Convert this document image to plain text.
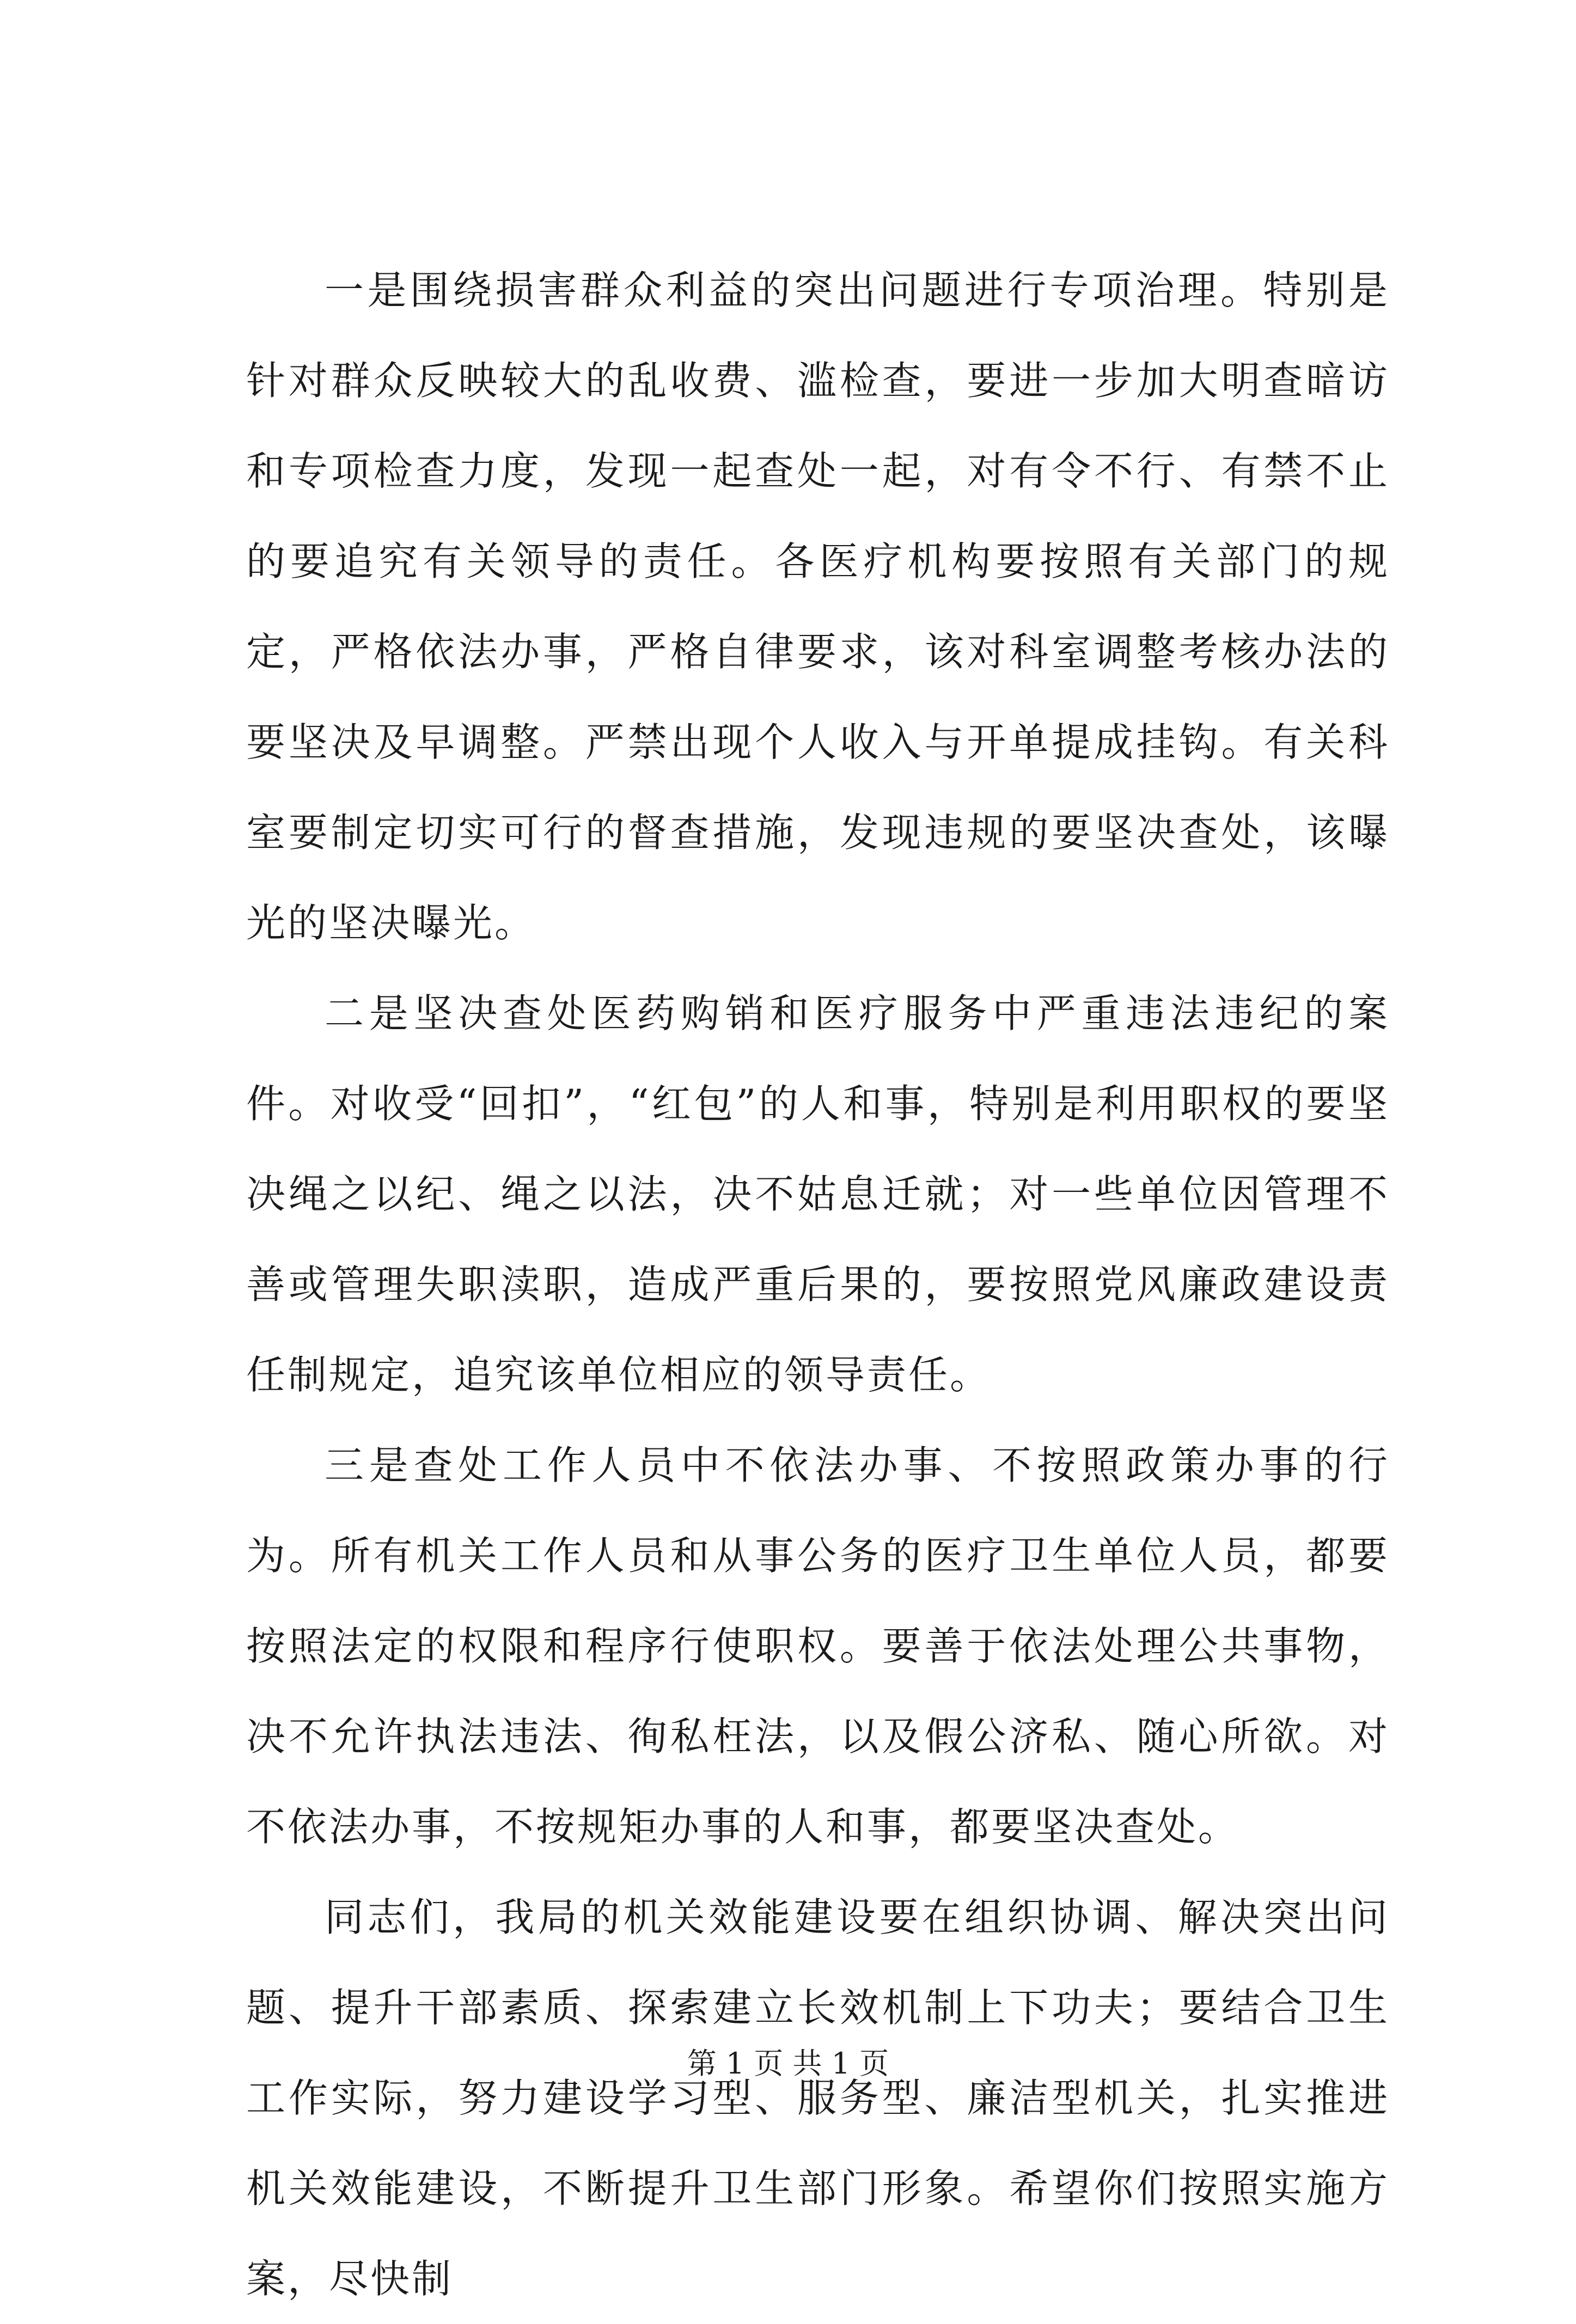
一是围绕损害群众利益的突出问题进行专项治理。特别是针对群众反映较大的乱收费、滥检查，要进一步加大明查暗访和专项检查力度，发现一起查处一起，对有令不行、有禁不止的要追究有关领导的责任。各医疗机构要按照有关部门的规定，严格依法办事，严格自律要求，该对科室调整考核办法的要坚决及早调整。严禁出现个人收入与开单提成挂钩。有关科室要制定切实可行的督查措施，发现违规的要坚决查处，该曝光的坚决曝光。

二是坚决查处医药购销和医疗服务中严重违法违纪的案件。对收受“回扣”，“红包”的人和事，特别是利用职权的要坚决绳之以纪、绳之以法，决不姑息迁就；对一些单位因管理不善或管理失职渎职，造成严重后果的，要按照党风廉政建设责任制规定，追究该单位相应的领导责任。

三是查处工作人员中不依法办事、不按照政策办事的行为。所有机关工作人员和从事公务的医疗卫生单位人员，都要按照法定的权限和程序行使职权。要善于依法处理公共事物，决不允许执法违法、徇私枉法，以及假公济私、随心所欲。对不依法办事，不按规矩办事的人和事，都要坚决查处。

同志们，我局的机关效能建设要在组织协调、解决突出问题、提升干部素质、探索建立长效机制上下功夫；要结合卫生工作实际，努力建设学习型、服务型、廉洁型机关，扎实推进机关效能建设，不断提升卫生部门形象。希望你们按照实施方案，尽快制

第 1 页 共 1 页
